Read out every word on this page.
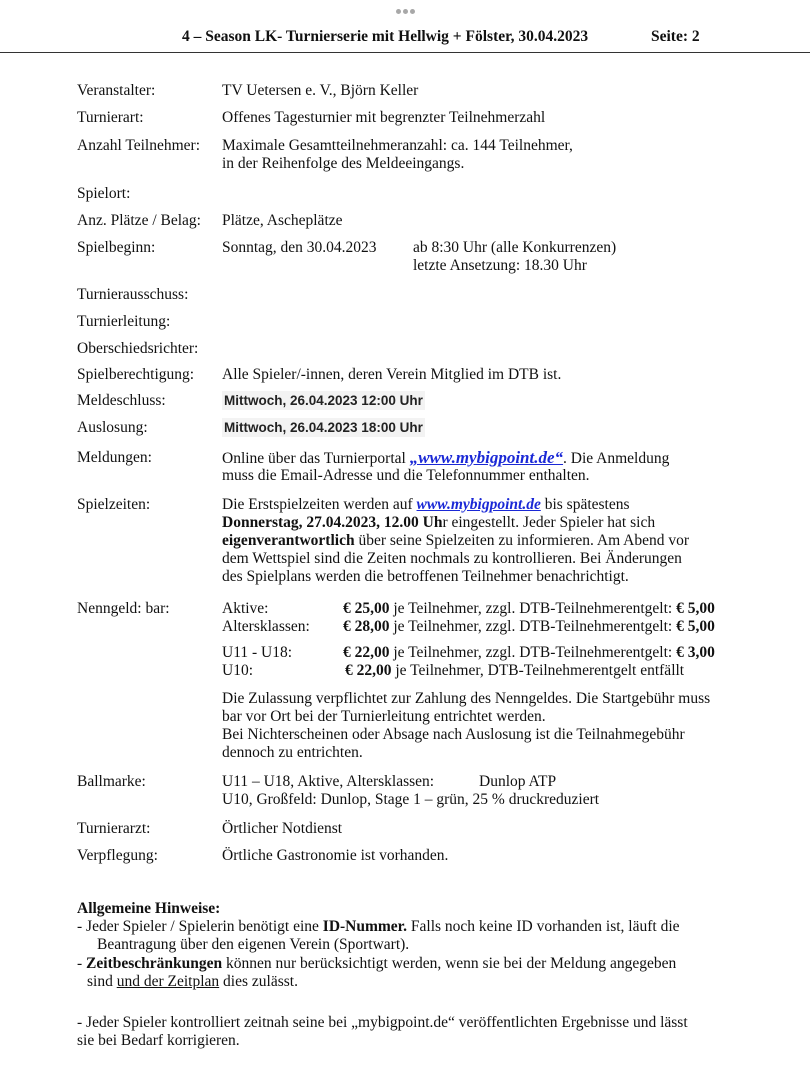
4 – Season LK- Turnierserie mit Hellwig + Fölster, 30.04.2023	Seite: 2
Veranstalter:	TV Uetersen e. V., Björn Keller
Turnierart:	Offenes Tagesturnier mit begrenzter Teilnehmerzahl
Anzahl Teilnehmer: Maximale Gesamtteilnehmeranzahl: ca. 144 Teilnehmer,
in der Reihenfolge des Meldeeingangs.
Spielort:
Anz. Plätze / Belag: Plätze, Ascheplätze
Spielbeginn:	Sonntag, den 30.04.2023 ab 8:30 Uhr (alle Konkurrenzen)
letzte Ansetzung: 18.30 Uhr
Turnierausschuss:
Turnierleitung:
Oberschiedsrichter:
Spielberechtigung: Alle Spieler/-innen, deren Verein Mitglied im DTB ist.
Meldeschluss:	Mittwoch, 26.04.2023 12:00 Uhr
Auslosung:	Mittwoch, 26.04.2023 18:00 Uhr
Meldungen:	Online über das Turnierportal „www.mybigpoint.de“. Die Anmeldung
muss die Email-Adresse und die Telefonnummer enthalten.
Spielzeiten:	Die Erstspielzeiten werden auf www.mybigpoint.de bis spätestens
Donnerstag, 27.04.2023, 12.00 Uhr eingestellt. Jeder Spieler hat sich
eigenverantwortlich über seine Spielzeiten zu informieren. Am Abend vor
dem Wettspiel sind die Zeiten nochmals zu kontrollieren. Bei Änderungen
des Spielplans werden die betroffenen Teilnehmer benachrichtigt.
Nenngeld: bar:	Aktive:	€ 25,00 je Teilnehmer, zzgl. DTB-Teilnehmerentgelt: € 5,00
Altersklassen: € 28,00 je Teilnehmer, zzgl. DTB-Teilnehmerentgelt: € 5,00
U11 - U18:	€ 22,00 je Teilnehmer, zzgl. DTB-Teilnehmerentgelt: € 3,00
U10:	€ 22,00 je Teilnehmer, DTB-Teilnehmerentgelt entfällt
Die Zulassung verpflichtet zur Zahlung des Nenngeldes. Die Startgebühr muss
bar vor Ort bei der Turnierleitung entrichtet werden.
Bei Nichterscheinen oder Absage nach Auslosung ist die Teilnahmegebühr
dennoch zu entrichten.
Ballmarke:	U11 – U18, Aktive, Altersklassen:	Dunlop ATP
U10, Großfeld: Dunlop, Stage 1 – grün, 25 % druckreduziert
Turnierarzt:	Örtlicher Notdienst
Verpflegung:	Örtliche Gastronomie ist vorhanden.
Allgemeine Hinweise:
- Jeder Spieler / Spielerin benötigt eine ID-Nummer. Falls noch keine ID vorhanden ist, läuft die
Beantragung über den eigenen Verein (Sportwart).
- Zeitbeschränkungen können nur berücksichtigt werden, wenn sie bei der Meldung angegeben
sind und der Zeitplan dies zulässt.
- Jeder Spieler kontrolliert zeitnah seine bei „mybigpoint.de“ veröffentlichten Ergebnisse und lässt
sie bei Bedarf korrigieren.
